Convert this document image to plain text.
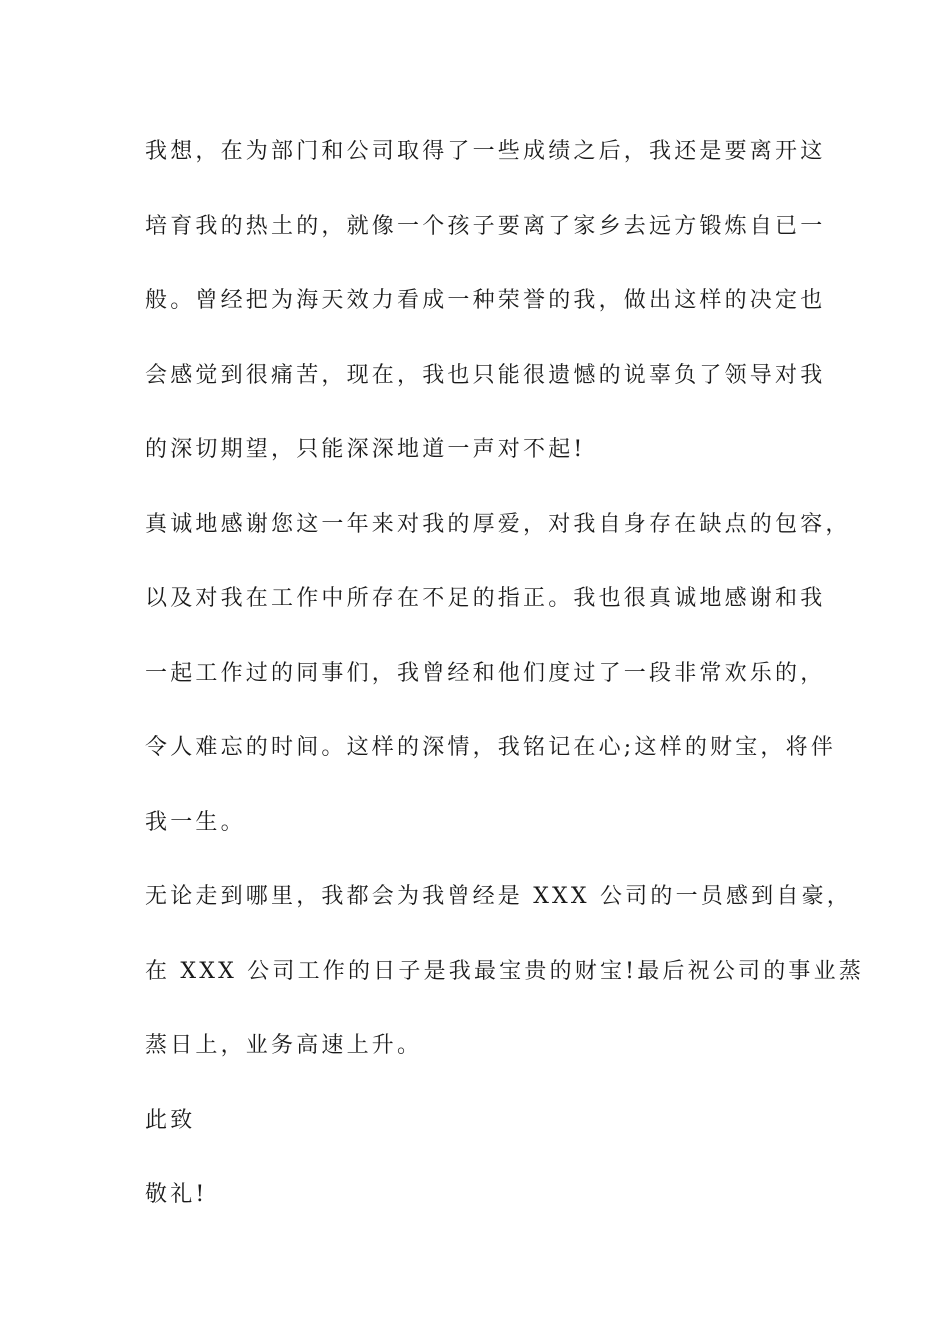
我想，在为部门和公司取得了一些成绩之后，我还是要离开这
培育我的热土的，就像一个孩子要离了家乡去远方锻炼自已一
般。曾经把为海天效力看成一种荣誉的我，做出这样的决定也
会感觉到很痛苦，现在，我也只能很遗憾的说辜负了领导对我
的深切期望，只能深深地道一声对不起!
真诚地感谢您这一年来对我的厚爱，对我自身存在缺点的包容，
以及对我在工作中所存在不足的指正。我也很真诚地感谢和我
一起工作过的同事们，我曾经和他们度过了一段非常欢乐的，
令人难忘的时间。这样的深情，我铭记在心;这样的财宝，将伴
我一生。
无论走到哪里，我都会为我曾经是 XXX 公司的一员感到自豪，
在 XXX 公司工作的日子是我最宝贵的财宝!最后祝公司的事业蒸
蒸日上，业务高速上升。
此致
敬礼!
